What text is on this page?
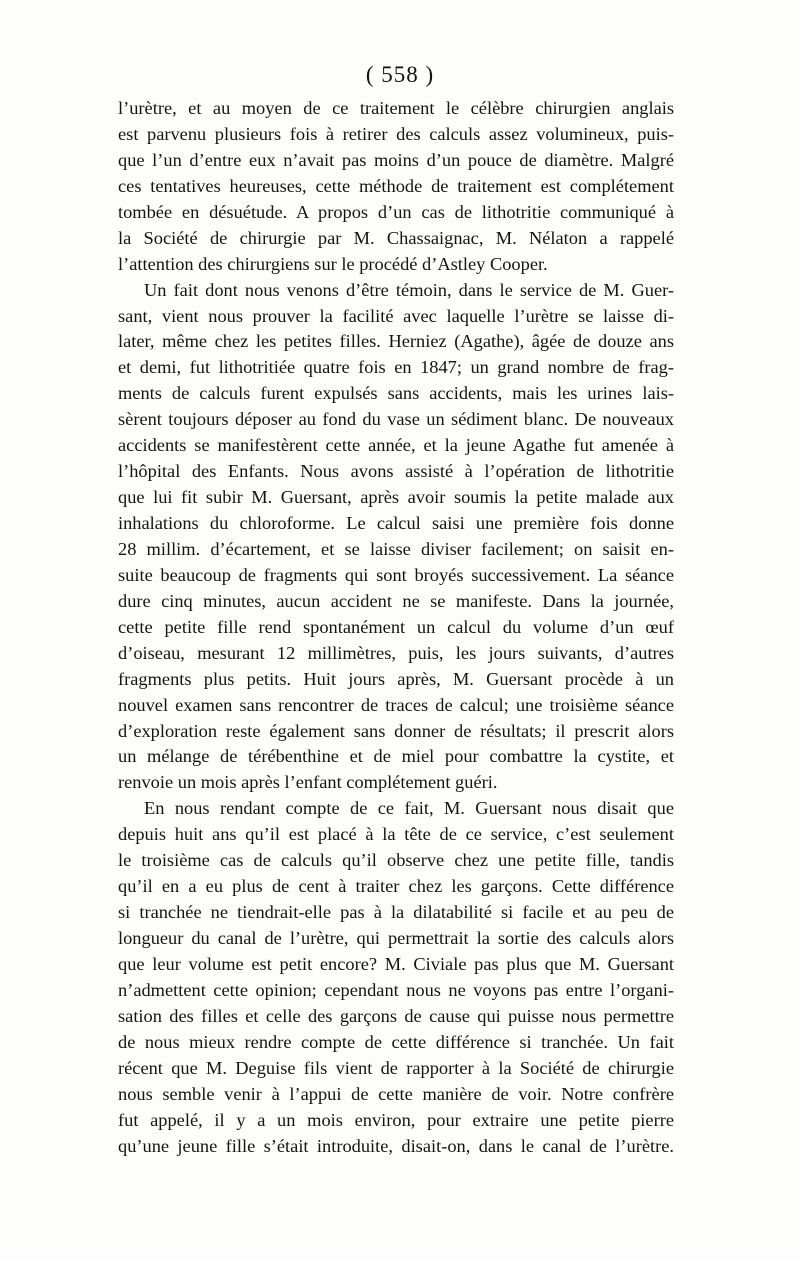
( 558 )
l’urètre, et au moyen de ce traitement le célèbre chirurgien anglais
est parvenu plusieurs fois à retirer des calculs assez volumineux, puis-
que l’un d’entre eux n’avait pas moins d’un pouce de diamètre. Malgré
ces tentatives heureuses, cette méthode de traitement est complétement
tombée en désuétude. A propos d’un cas de lithotritie communiqué à
la Société de chirurgie par M. Chassaignac, M. Nélaton a rappelé
l’attention des chirurgiens sur le procédé d’Astley Cooper.
Un fait dont nous venons d’être témoin, dans le service de M. Guer-
sant, vient nous prouver la facilité avec laquelle l’urètre se laisse di-
later, même chez les petites filles. Herniez (Agathe), âgée de douze ans
et demi, fut lithotritiée quatre fois en 1847; un grand nombre de frag-
ments de calculs furent expulsés sans accidents, mais les urines lais-
sèrent toujours déposer au fond du vase un sédiment blanc. De nouveaux
accidents se manifestèrent cette année, et la jeune Agathe fut amenée à
l’hôpital des Enfants. Nous avons assisté à l’opération de lithotritie
que lui fit subir M. Guersant, après avoir soumis la petite malade aux
inhalations du chloroforme. Le calcul saisi une première fois donne
28 millim. d’écartement, et se laisse diviser facilement; on saisit en-
suite beaucoup de fragments qui sont broyés successivement. La séance
dure cinq minutes, aucun accident ne se manifeste. Dans la journée,
cette petite fille rend spontanément un calcul du volume d’un œuf
d’oiseau, mesurant 12 millimètres, puis, les jours suivants, d’autres
fragments plus petits. Huit jours après, M. Guersant procède à un
nouvel examen sans rencontrer de traces de calcul; une troisième séance
d’exploration reste également sans donner de résultats; il prescrit alors
un mélange de térébenthine et de miel pour combattre la cystite, et
renvoie un mois après l’enfant complétement guéri.
En nous rendant compte de ce fait, M. Guersant nous disait que
depuis huit ans qu’il est placé à la tête de ce service, c’est seulement
le troisième cas de calculs qu’il observe chez une petite fille, tandis
qu’il en a eu plus de cent à traiter chez les garçons. Cette différence
si tranchée ne tiendrait-elle pas à la dilatabilité si facile et au peu de
longueur du canal de l’urètre, qui permettrait la sortie des calculs alors
que leur volume est petit encore? M. Civiale pas plus que M. Guersant
n’admettent cette opinion; cependant nous ne voyons pas entre l’organi-
sation des filles et celle des garçons de cause qui puisse nous permettre
de nous mieux rendre compte de cette différence si tranchée. Un fait
récent que M. Deguise fils vient de rapporter à la Société de chirurgie
nous semble venir à l’appui de cette manière de voir. Notre confrère
fut appelé, il y a un mois environ, pour extraire une petite pierre
qu’une jeune fille s’était introduite, disait-on, dans le canal de l’urètre.
